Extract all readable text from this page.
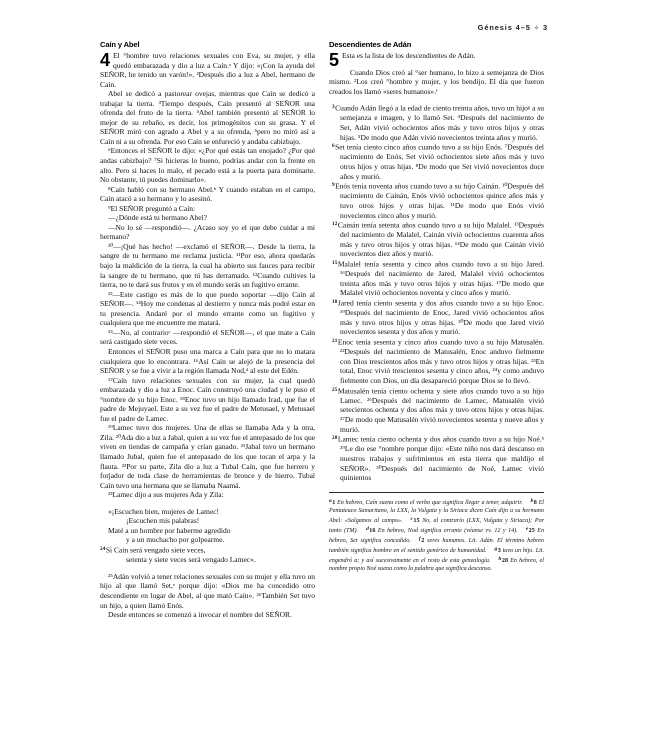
Génesis 4–5 ✧ 3
Caín y Abel

4 El °hombre tuvo relaciones sexuales con Eva, su mujer, y ella quedó embarazada y dio a luz a Caín.ᵃ Y dijo: «¡Con la ayuda del SEÑOR, he tenido un varón!». ²Después dio a luz a Abel, hermano de Caín.

Abel se dedicó a pastorear ovejas, mientras que Caín se dedicó a trabajar la tierra. ³Tiempo después, Caín presentó al SEÑOR una ofrenda del fruto de la tierra. ⁴Abel también presentó al SEÑOR lo mejor de su rebaño, es decir, los primogénitos con su grasa. Y el SEÑOR miró con agrado a Abel y a su ofrenda, ⁵pero no miró así a Caín ni a su ofrenda. Por eso Caín se enfureció y andaba cabizbajo.

⁶Entonces el SEÑOR le dijo: «¿Por qué estás tan enojado? ¿Por qué andas cabizbajo? ⁷Si hicieras lo bueno, podrías andar con la frente en alto. Pero si haces lo malo, el pecado está a la puerta para dominarte. No obstante, tú puedes dominarlo».

⁸Caín habló con su hermano Abel.ᵇ Y cuando estaban en el campo, Caín atacó a su hermano y lo asesinó.

⁹El SEÑOR preguntó a Caín:

—¿Dónde está tu hermano Abel?

—No lo sé —respondió—. ¿Acaso soy yo el que debe cuidar a mi hermano?

¹⁰—¡Qué has hecho! —exclamó el SEÑOR—. Desde la tierra, la sangre de tu hermano me reclama justicia. ¹¹Por eso, ahora quedarás bajo la maldición de la tierra, la cual ha abierto sus fauces para recibir la sangre de tu hermano, que tú has derramado. ¹²Cuando cultives la tierra, no te dará sus frutos y en el mundo serás un fugitivo errante.

¹³—Este castigo es más de lo que puedo soportar —dijo Caín al SEÑOR—. ¹⁴Hoy me condenas al destierro y nunca más podré estar en tu presencia. Andaré por el mundo errante como un fugitivo y cualquiera que me encuentre me matará.

¹⁵—No, al contrarioᶜ —respondió el SEÑOR—, el que mate a Caín será castigado siete veces.

Entonces el SEÑOR puso una marca a Caín para que no lo matara cualquiera que lo encontrara. ¹⁶Así Caín se alejó de la presencia del SEÑOR y se fue a vivir a la región llamada Nod,ᵈ al este del Edén.

¹⁷Caín tuvo relaciones sexuales con su mujer, la cual quedó embarazada y dio a luz a Enoc. Caín construyó una ciudad y le puso el °nombre de su hijo Enoc. ¹⁸Enoc tuvo un hijo llamado Irad, que fue el padre de Mejuyael. Este a su vez fue el padre de Metusael, y Metusael fue el padre de Lamec.

¹⁹Lamec tuvo dos mujeres. Una de ellas se llamaba Ada y la otra, Zila. ²⁰Ada dio a luz a Jabal, quien a su vez fue el antepasado de los que viven en tiendas de campaña y crían ganado. ²¹Jabal tuvo un hermano llamado Jubal, quien fue el antepasado de los que tocan el arpa y la flauta. ²²Por su parte, Zila dio a luz a Tubal Caín, que fue herrero y forjador de toda clase de herramientas de bronce y de hierro. Tubal Caín tuvo una hermana que se llamaba Naamá.

²³Lamec dijo a sus mujeres Ada y Zila:

«¡Escuchen bien, mujeres de Lamec!

¡Escuchen mis palabras!

Maté a un hombre por haberme agredido

y a un muchacho por golpearme.

$^{24}$Si Caín será vengado siete veces,

setenta y siete veces será vengado Lamec».

²⁵Adán volvió a tener relaciones sexuales con su mujer y ella tuvo un hijo al que llamó Set,ᵉ porque dijo: «Dios me ha concedido otro descendiente en lugar de Abel, al que mató Caín». ²⁶También Set tuvo un hijo, a quien llamó Enós.

Desde entonces se comenzó a invocar el nombre del SEÑOR.

Descendientes de Adán

5 Esta es la lista de los descendientes de Adán.

Cuando Dios creó al °ser humano, lo hizo a semejanza de Dios mismo. ²Los creó °hombre y mujer, y los bendijo. El día que fueron creados los llamó «seres humanos».ᶠ

$^3$Cuando Adán llegó a la edad de ciento treinta años, tuvo un hijoᵍ a su semejanza e imagen, y lo llamó Set. ⁴Después del nacimiento de Set, Adán vivió ochocientos años más y tuvo otros hijos y otras hijas. ⁵De modo que Adán vivió novecientos treinta años y murió.

$^6$Set tenía ciento cinco años cuando tuvo a su hijo Enós. ⁷Después del nacimiento de Enós, Set vivió ochocientos siete años más y tuvo otros hijos y otras hijas. ⁸De modo que Set vivió novecientos doce años y murió.

$^9$Enós tenía noventa años cuando tuvo a su hijo Cainán. ¹⁰Después del nacimiento de Cainán, Enós vivió ochocientos quince años más y tuvo otros hijos y otras hijas. ¹¹De modo que Enós vivió novecientos cinco años y murió.

$^{12}$Cainán tenía setenta años cuando tuvo a su hijo Malalel. ¹³Después del nacimiento de Malalel, Cainán vivió ochocientos cuarenta años más y tuvo otros hijos y otras hijas. ¹⁴De modo que Cainán vivió novecientos diez años y murió.

$^{15}$Malalel tenía sesenta y cinco años cuando tuvo a su hijo Jared. ¹⁶Después del nacimiento de Jared, Malalel vivió ochocientos treinta años más y tuvo otros hijos y otras hijas. ¹⁷De modo que Malalel vivió ochocientos noventa y cinco años y murió.

$^{18}$Jared tenía ciento sesenta y dos años cuando tuvo a su hijo Enoc. ¹⁹Después del nacimiento de Enoc, Jared vivió ochocientos años más y tuvo otros hijos y otras hijas. ²⁰De modo que Jared vivió novecientos sesenta y dos años y murió.

$^{21}$Enoc tenía sesenta y cinco años cuando tuvo a su hijo Matusalén. ²²Después del nacimiento de Matusalén, Enoc anduvo fielmente con Dios trescientos años más y tuvo otros hijos y otras hijas. ²³En total, Enoc vivió trescientos sesenta y cinco años, ²⁴y como anduvo fielmente con Dios, un día desapareció porque Dios se lo llevó.

$^{25}$Matusalén tenía ciento ochenta y siete años cuando tuvo a su hijo Lamec. ²⁶Después del nacimiento de Lamec, Matusalén vivió setecientos ochenta y dos años más y tuvo otros hijos y otras hijas. ²⁷De modo que Matusalén vivió novecientos sesenta y nueve años y murió.

$^{28}$Lamec tenía ciento ochenta y dos años cuando tuvo a su hijo Noé.ʰ ²⁹Le dio ese °nombre porque dijo: «Este niño nos dará descanso en nuestros trabajos y sufrimientos en esta tierra que maldijo el SEÑOR». ³⁰Después del nacimiento de Noé, Lamec vivió quinientos

a1 En hebreo, Caín suena como el verbo que significa llegar a tener, adquirir. b8 El Pentateuco Samaritano, la LXX, la Vulgata y la Siriaca dicen Caín dijo a su hermano Abel: «Salgamos al campo». c15 No, al contrario (LXX, Vulgata y Siriaca); Por tanto (TM). d16 En hebreo, Nod significa errante (véanse vv. 12 y 14). e25 En hebreo, Set significa concedido. f2 seres humanos. Lit. Adán. El término hebreo también significa hombre en el sentido genérico de humanidad. g3 tuvo un hijo. Lit. engendró a; y así sucesivamente en el resto de esta genealogía. h28 En hebreo, el nombre propio Noé suena como la palabra que significa descanso.
